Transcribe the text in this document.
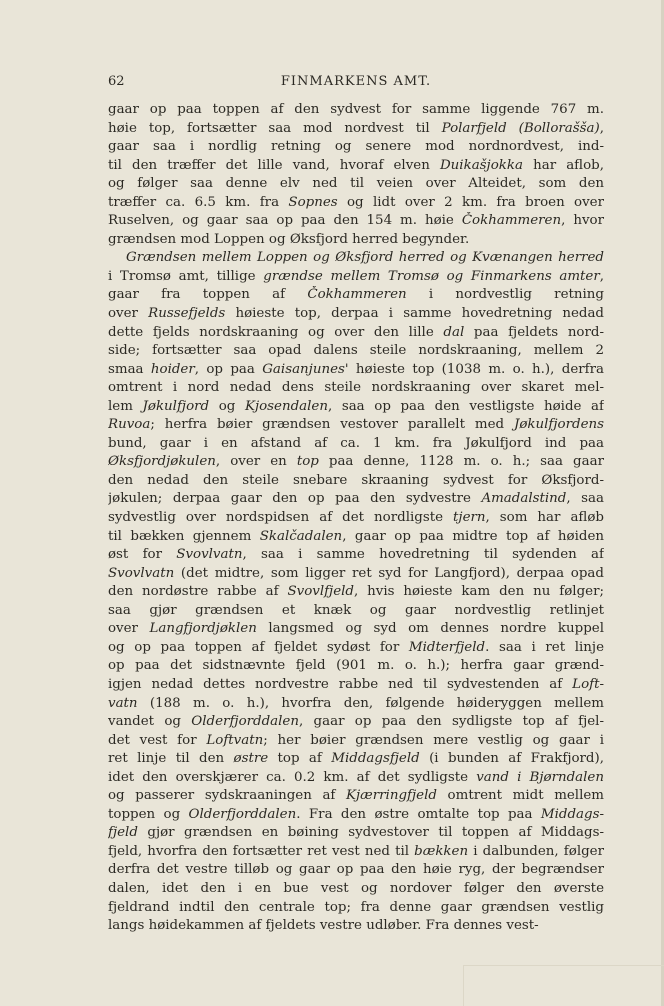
62	FINMARKENS AMT.
gaar op paa toppen af den sydvest for samme liggende 767 m.
høie top, fortsætter saa mod nordvest til Polarfjeld (Bollorašša),
gaar saa i nordlig retning og senere mod nordnordvest, ind-
til den træffer det lille vand, hvoraf elven Duikašjokka har aflob,
og følger saa denne elv ned til veien over Alteidet, som den
træffer ca. 6.5 km. fra Sopnes og lidt over 2 km. fra broen over
Ruselven, og gaar saa op paa den 154 m. høie Čokhammeren, hvor
grændsen mod Loppen og Øksfjord herred begynder.
Grændsen mellem Loppen og Øksfjord herred og Kvænangen herred
i Tromsø amt, tillige grændse mellem Tromsø og Finmarkens amter,
gaar fra toppen af Čokhammeren i nordvestlig retning
over Russefjelds høieste top, derpaa i samme hovedretning nedad
dette fjelds nordskraaning og over den lille dal paa fjeldets nord-
side; fortsætter saa opad dalens steile nordskraaning, mellem 2
smaa hoider, op paa Gaisanjunes' høieste top (1038 m. o. h.), derfra
omtrent i nord nedad dens steile nordskraaning over skaret mel-
lem Jøkulfjord og Kjosendalen, saa op paa den vestligste høide af
Ruvoa; herfra bøier grændsen vestover parallelt med Jøkulfjordens
bund, gaar i en afstand af ca. 1 km. fra Jøkulfjord ind paa
Øksfjordjøkulen, over en top paa denne, 1128 m. o. h.; saa gaar
den nedad den steile snebare skraaning sydvest for Øksfjord-
jøkulen; derpaa gaar den op paa den sydvestre Amadalstind, saa
sydvestlig over nordspidsen af det nordligste tjern, som har afløb
til bækken gjennem Skalčadalen, gaar op paa midtre top af høiden
øst for Svovlvatn, saa i samme hovedretning til sydenden af
Svovlvatn (det midtre, som ligger ret syd for Langfjord), derpaa opad
den nordøstre rabbe af Svovlfjeld, hvis høieste kam den nu følger;
saa gjør grændsen et knæk og gaar nordvestlig retlinjet
over Langfjordjøklen langsmed og syd om dennes nordre kuppel
og op paa toppen af fjeldet sydøst for Midterfjeld. saa i ret linje
op paa det sidstnævnte fjeld (901 m. o. h.); herfra gaar grænd-
igjen nedad dettes nordvestre rabbe ned til sydvestenden af Loft-
vatn (188 m. o. h.), hvorfra den, følgende høideryggen mellem
vandet og Olderfjorddalen, gaar op paa den sydligste top af fjel-
det vest for Loftvatn; her bøier grændsen mere vestlig og gaar i
ret linje til den østre top af Middagsfjeld (i bunden af Frakfjord),
idet den overskjærer ca. 0.2 km. af det sydligste vand i Bjørndalen
og passerer sydskraaningen af Kjærringfjeld omtrent midt mellem
toppen og Olderfjorddalen. Fra den østre omtalte top paa Middags-
fjeld gjør grændsen en bøining sydvestover til toppen af Middags-
fjeld, hvorfra den fortsætter ret vest ned til bækken i dalbunden, følger
derfra det vestre tilløb og gaar op paa den høie ryg, der begrændser
dalen, idet den i en bue vest og nordover følger den øverste
fjeldrand indtil den centrale top; fra denne gaar grændsen vestlig
langs høidekammen af fjeldets vestre udløber. Fra dennes vest-
